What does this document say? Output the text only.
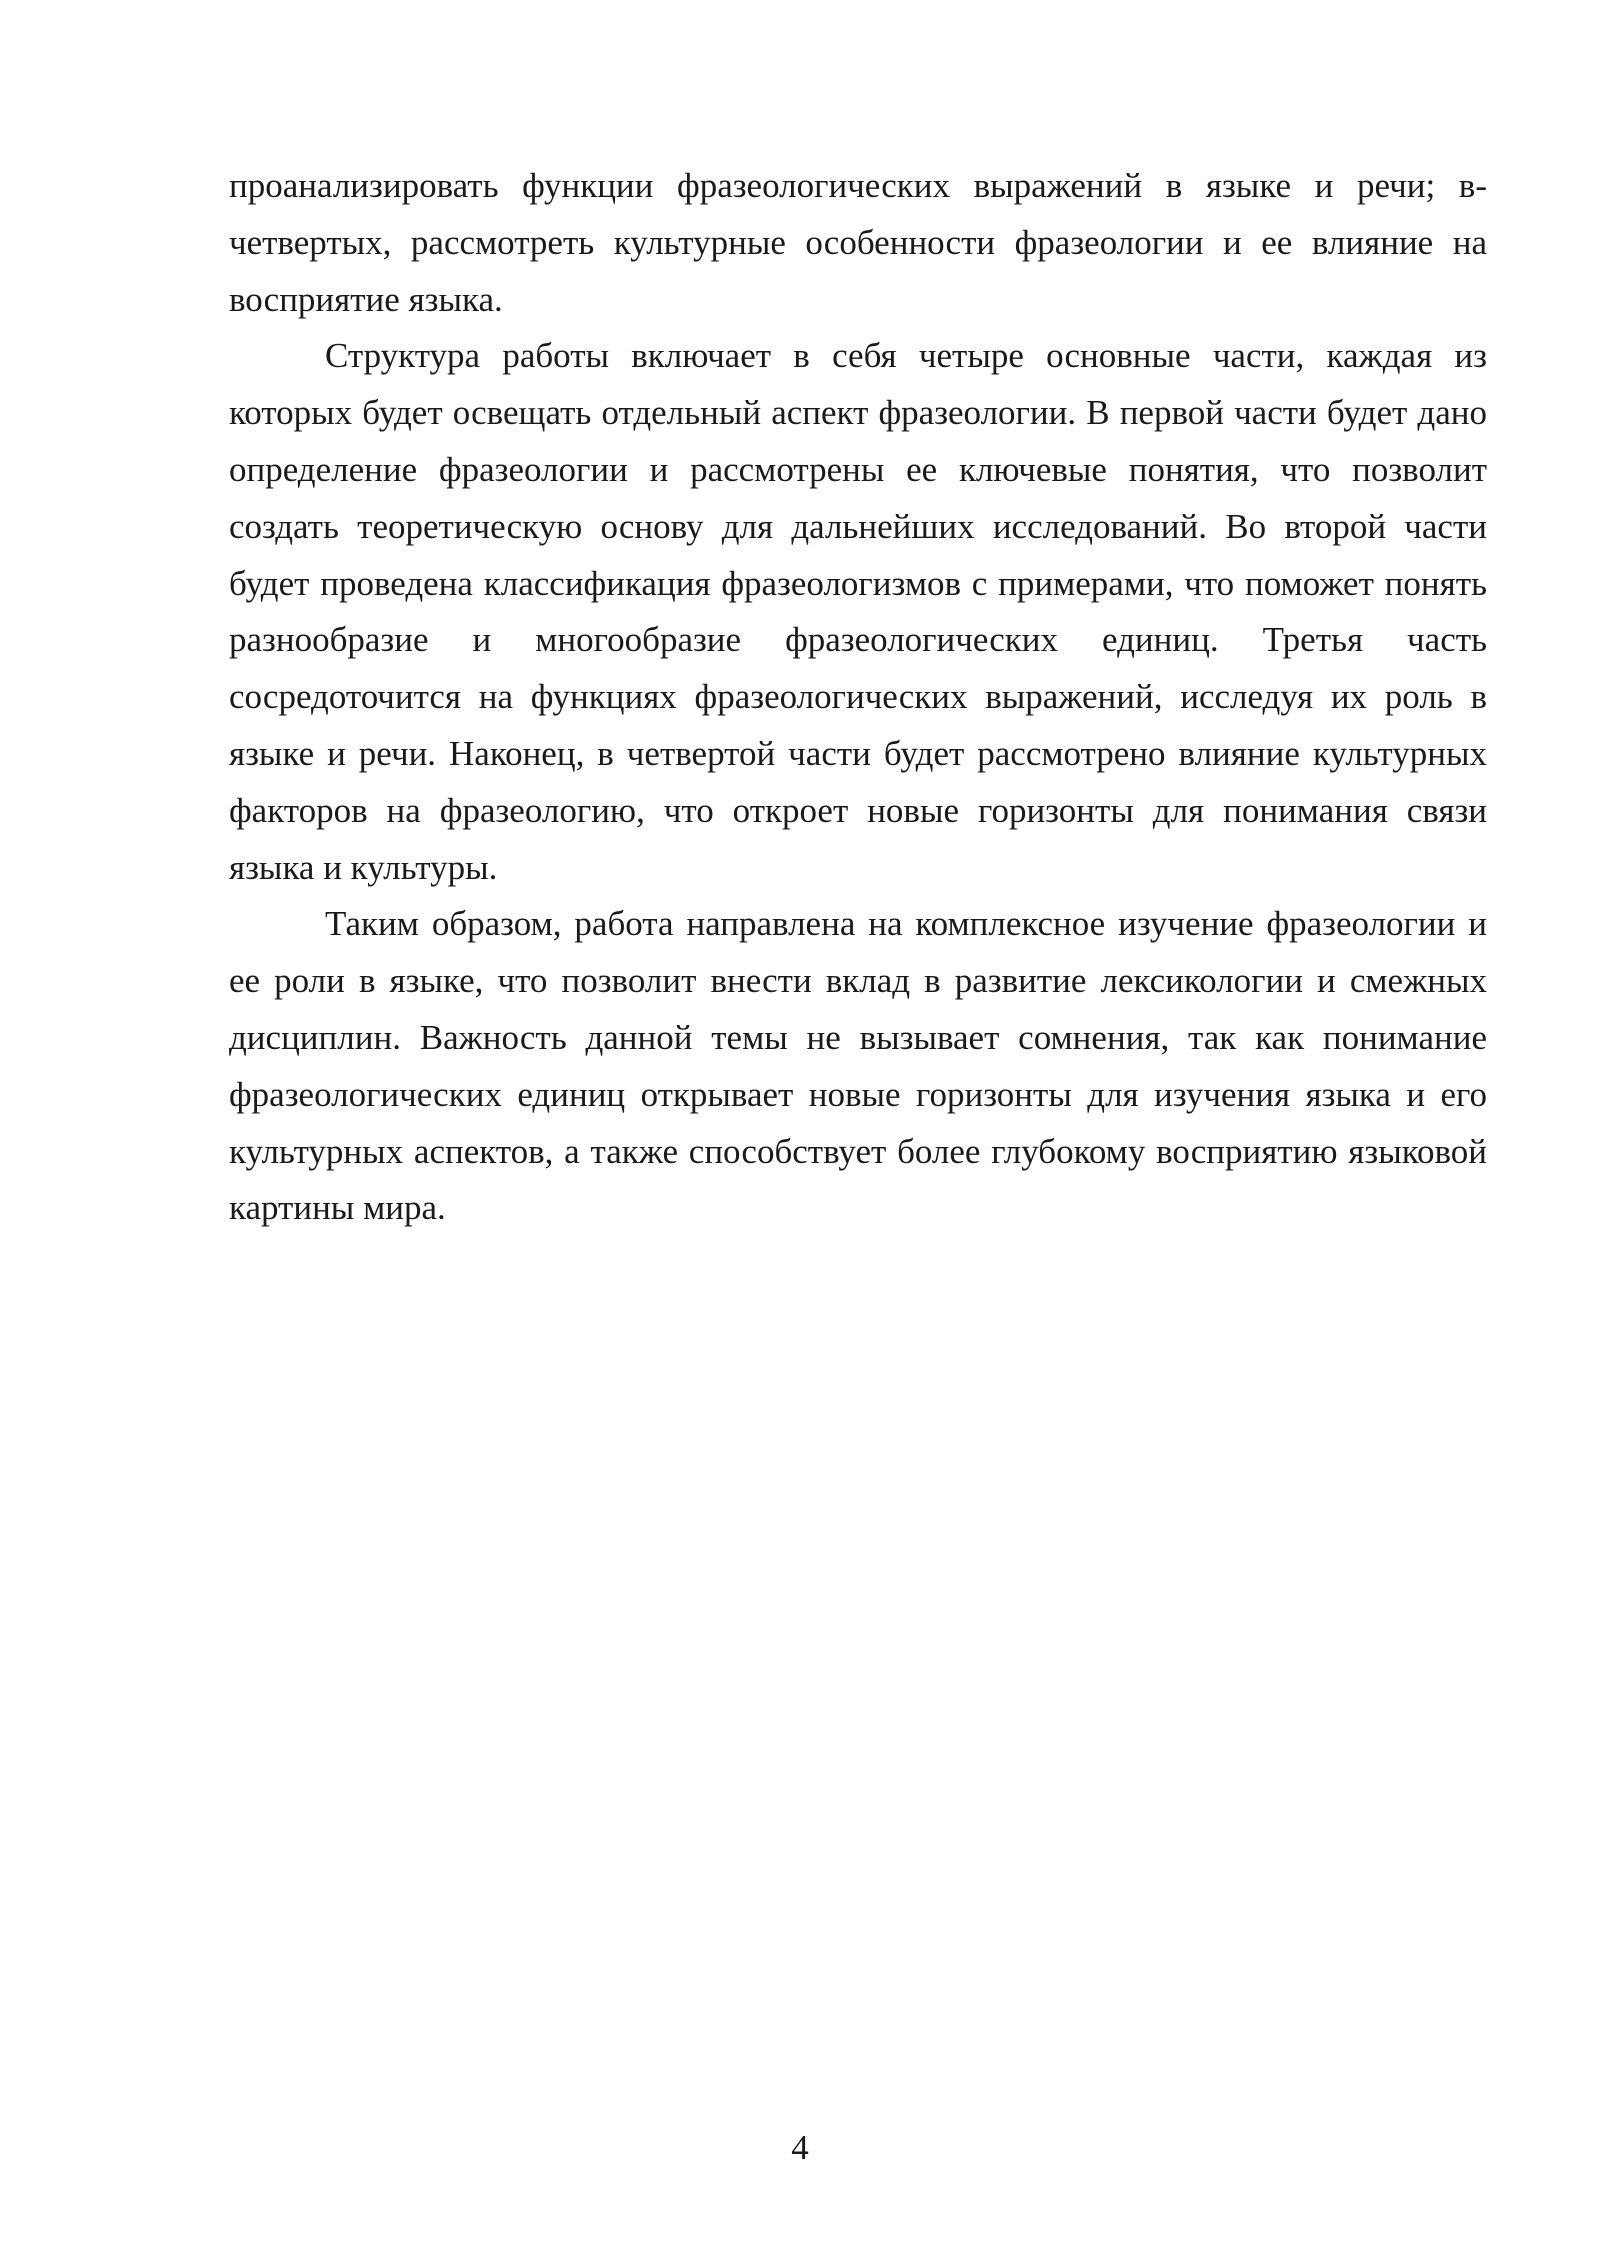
проанализировать функции фразеологических выражений в языке и речи; в-четвертых, рассмотреть культурные особенности фразеологии и ее влияние на восприятие языка.

Структура работы включает в себя четыре основные части, каждая из которых будет освещать отдельный аспект фразеологии. В первой части будет дано определение фразеологии и рассмотрены ее ключевые понятия, что позволит создать теоретическую основу для дальнейших исследований. Во второй части будет проведена классификация фразеологизмов с примерами, что поможет понять разнообразие и многообразие фразеологических единиц. Третья часть сосредоточится на функциях фразеологических выражений, исследуя их роль в языке и речи. Наконец, в четвертой части будет рассмотрено влияние культурных факторов на фразеологию, что откроет новые горизонты для понимания связи языка и культуры.

Таким образом, работа направлена на комплексное изучение фразеологии и ее роли в языке, что позволит внести вклад в развитие лексикологии и смежных дисциплин. Важность данной темы не вызывает сомнения, так как понимание фразеологических единиц открывает новые горизонты для изучения языка и его культурных аспектов, а также способствует более глубокому восприятию языковой картины мира.

4
